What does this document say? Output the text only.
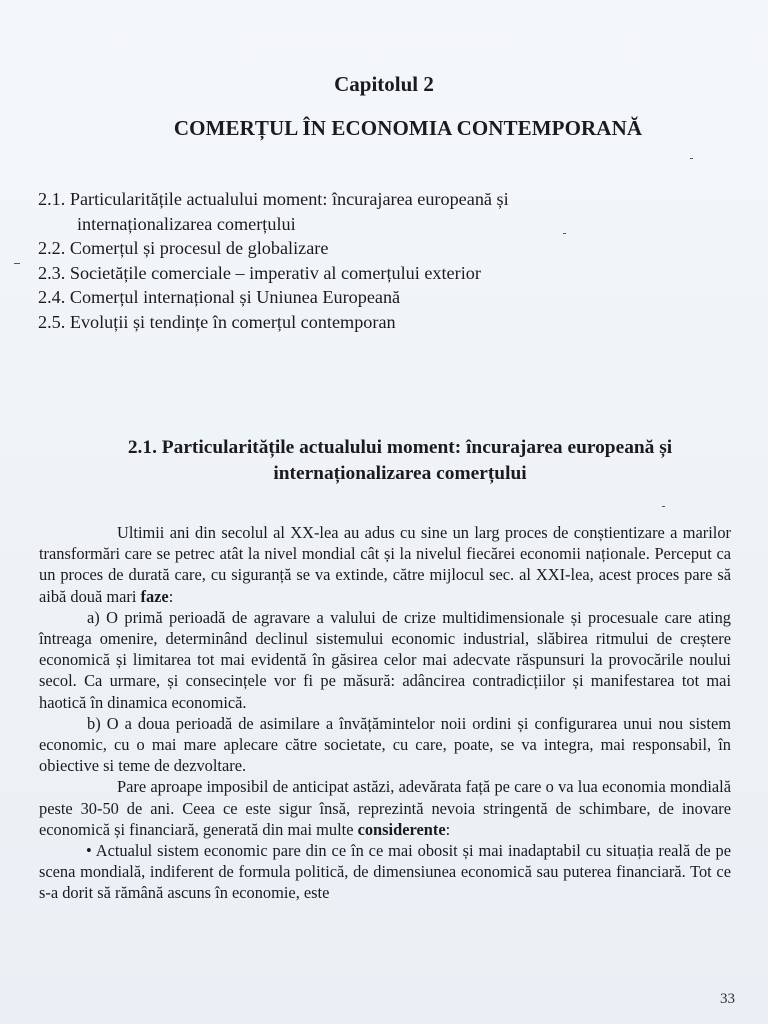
Capitolul 2
COMERȚUL ÎN ECONOMIA CONTEMPORANĂ
2.1. Particularitățile actualului moment: încurajarea europeană și
internaționalizarea comerțului
2.2. Comerțul și procesul de globalizare
2.3. Societățile comerciale – imperativ al comerțului exterior
2.4. Comerțul internațional și Uniunea Europeană
2.5. Evoluții și tendințe în comerțul contemporan
2.1. Particularitățile actualului moment: încurajarea europeană și
internaționalizarea comerțului

Ultimii ani din secolul al XX-lea au adus cu sine un larg proces de conștientizare a marilor transformări care se petrec atât la nivel mondial cât și la nivelul fiecărei economii naționale. Perceput ca un proces de durată care, cu siguranță se va extinde, către mijlocul sec. al XXI-lea, acest proces pare să aibă două mari faze:

a) O primă perioadă de agravare a valului de crize multidimensionale și procesuale care ating întreaga omenire, determinând declinul sistemului economic industrial, slăbirea ritmului de creștere economică și limitarea tot mai evidentă în găsirea celor mai adecvate răspunsuri la provocările noului secol. Ca urmare, și consecințele vor fi pe măsură: adâncirea contradicțiilor și manifestarea tot mai haotică în dinamica economică.

b) O a doua perioadă de asimilare a învățămintelor noii ordini și configurarea unui nou sistem economic, cu o mai mare aplecare către societate, cu care, poate, se va integra, mai responsabil, în obiective si teme de dezvoltare.

Pare aproape imposibil de anticipat astăzi, adevărata față pe care o va lua economia mondială peste 30-50 de ani. Ceea ce este sigur însă, reprezintă nevoia stringentă de schimbare, de inovare economică și financiară, generată din mai multe considerente:

• Actualul sistem economic pare din ce în ce mai obosit și mai inadaptabil cu situația reală de pe scena mondială, indiferent de formula politică, de dimensiunea economică sau puterea financiară. Tot ce s-a dorit să rămână ascuns în economie, este

33
